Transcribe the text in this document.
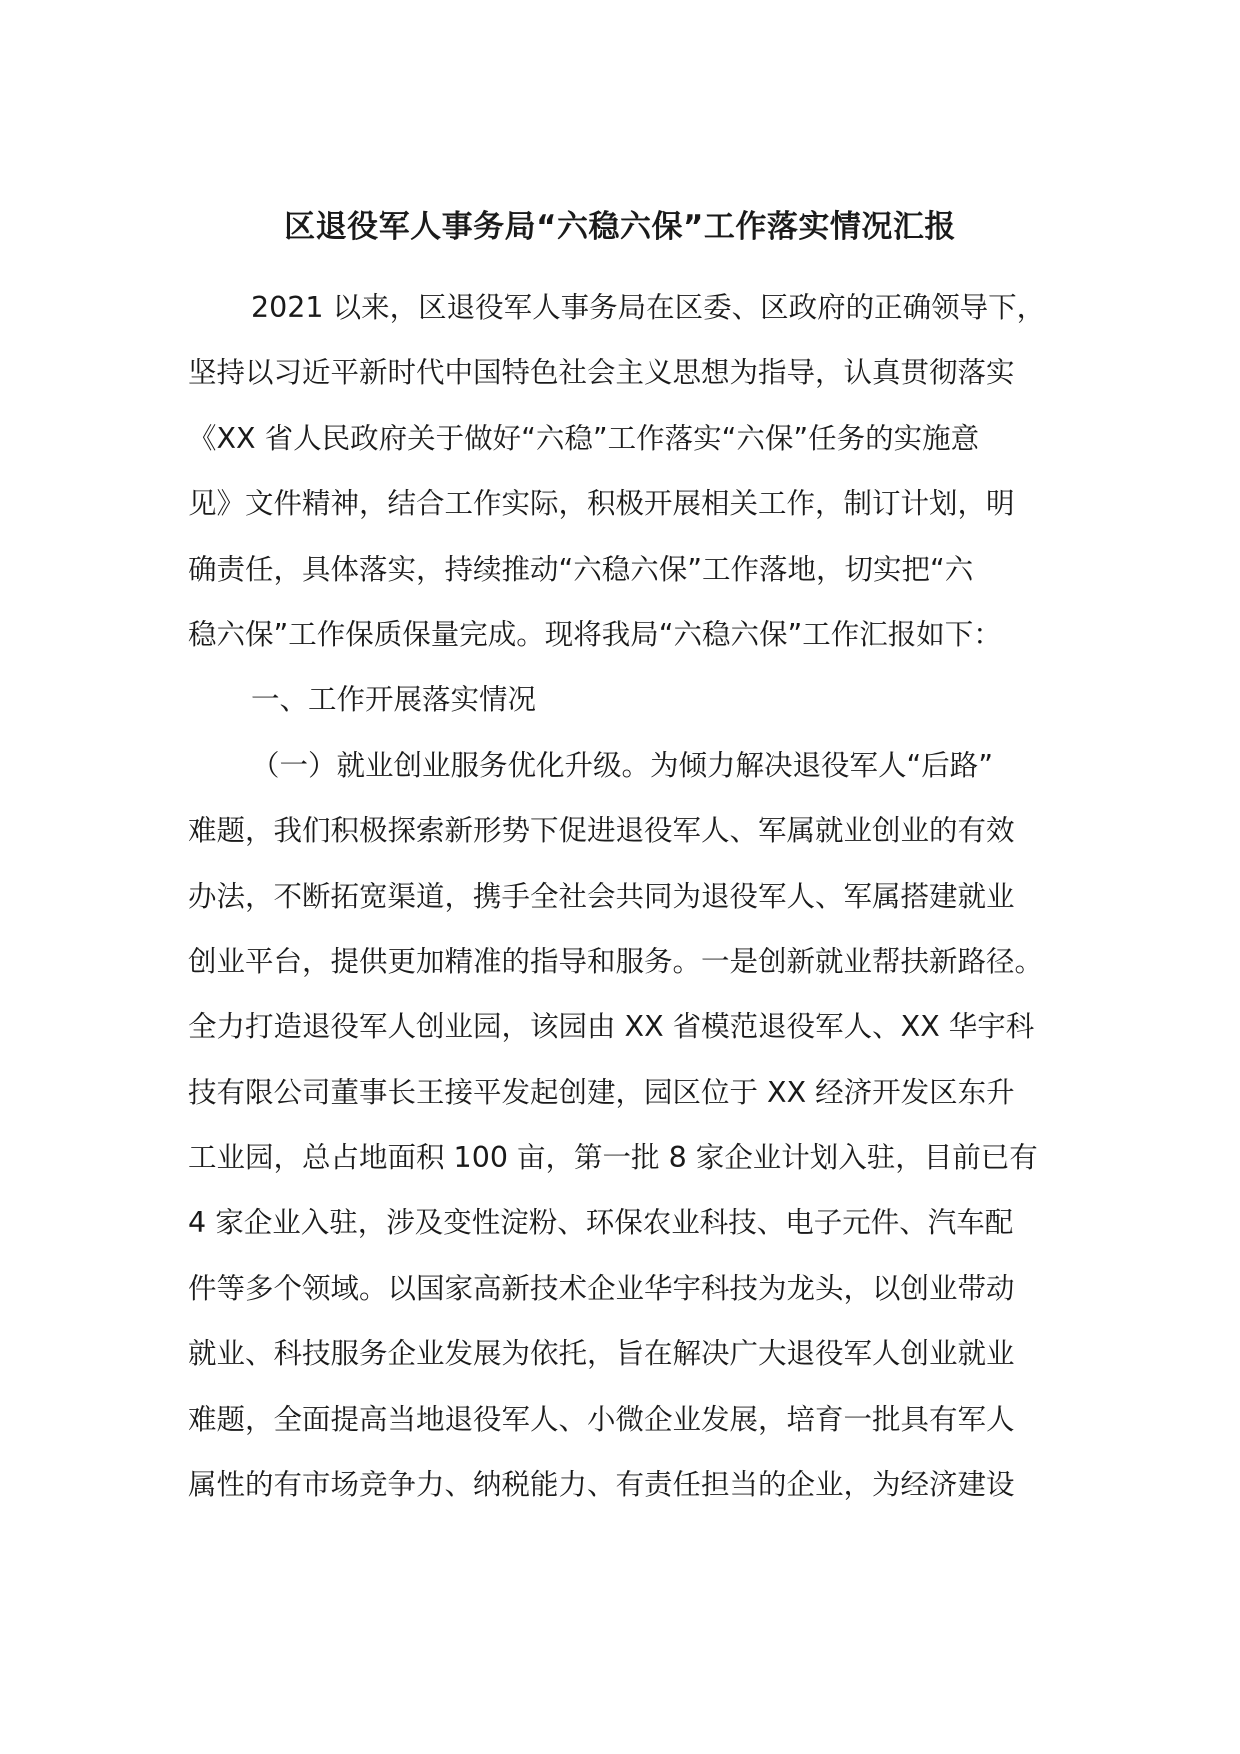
区退役军人事务局“六稳六保”工作落实情况汇报
2021 以来，区退役军人事务局在区委、区政府的正确领导下，
坚持以习近平新时代中国特色社会主义思想为指导，认真贯彻落实
《XX 省人民政府关于做好“六稳”工作落实“六保”任务的实施意
见》文件精神，结合工作实际，积极开展相关工作，制订计划，明
确责任，具体落实，持续推动“六稳六保”工作落地，切实把“六
稳六保”工作保质保量完成。现将我局“六稳六保”工作汇报如下：
一、工作开展落实情况
（一）就业创业服务优化升级。为倾力解决退役军人“后路”
难题，我们积极探索新形势下促进退役军人、军属就业创业的有效
办法，不断拓宽渠道，携手全社会共同为退役军人、军属搭建就业
创业平台，提供更加精准的指导和服务。一是创新就业帮扶新路径。
全力打造退役军人创业园，该园由 XX 省模范退役军人、XX 华宇科
技有限公司董事长王接平发起创建，园区位于 XX 经济开发区东升
工业园，总占地面积 100 亩，第一批 8 家企业计划入驻，目前已有
4 家企业入驻，涉及变性淀粉、环保农业科技、电子元件、汽车配
件等多个领域。以国家高新技术企业华宇科技为龙头，以创业带动
就业、科技服务企业发展为依托，旨在解决广大退役军人创业就业
难题，全面提高当地退役军人、小微企业发展，培育一批具有军人
属性的有市场竞争力、纳税能力、有责任担当的企业，为经济建设
